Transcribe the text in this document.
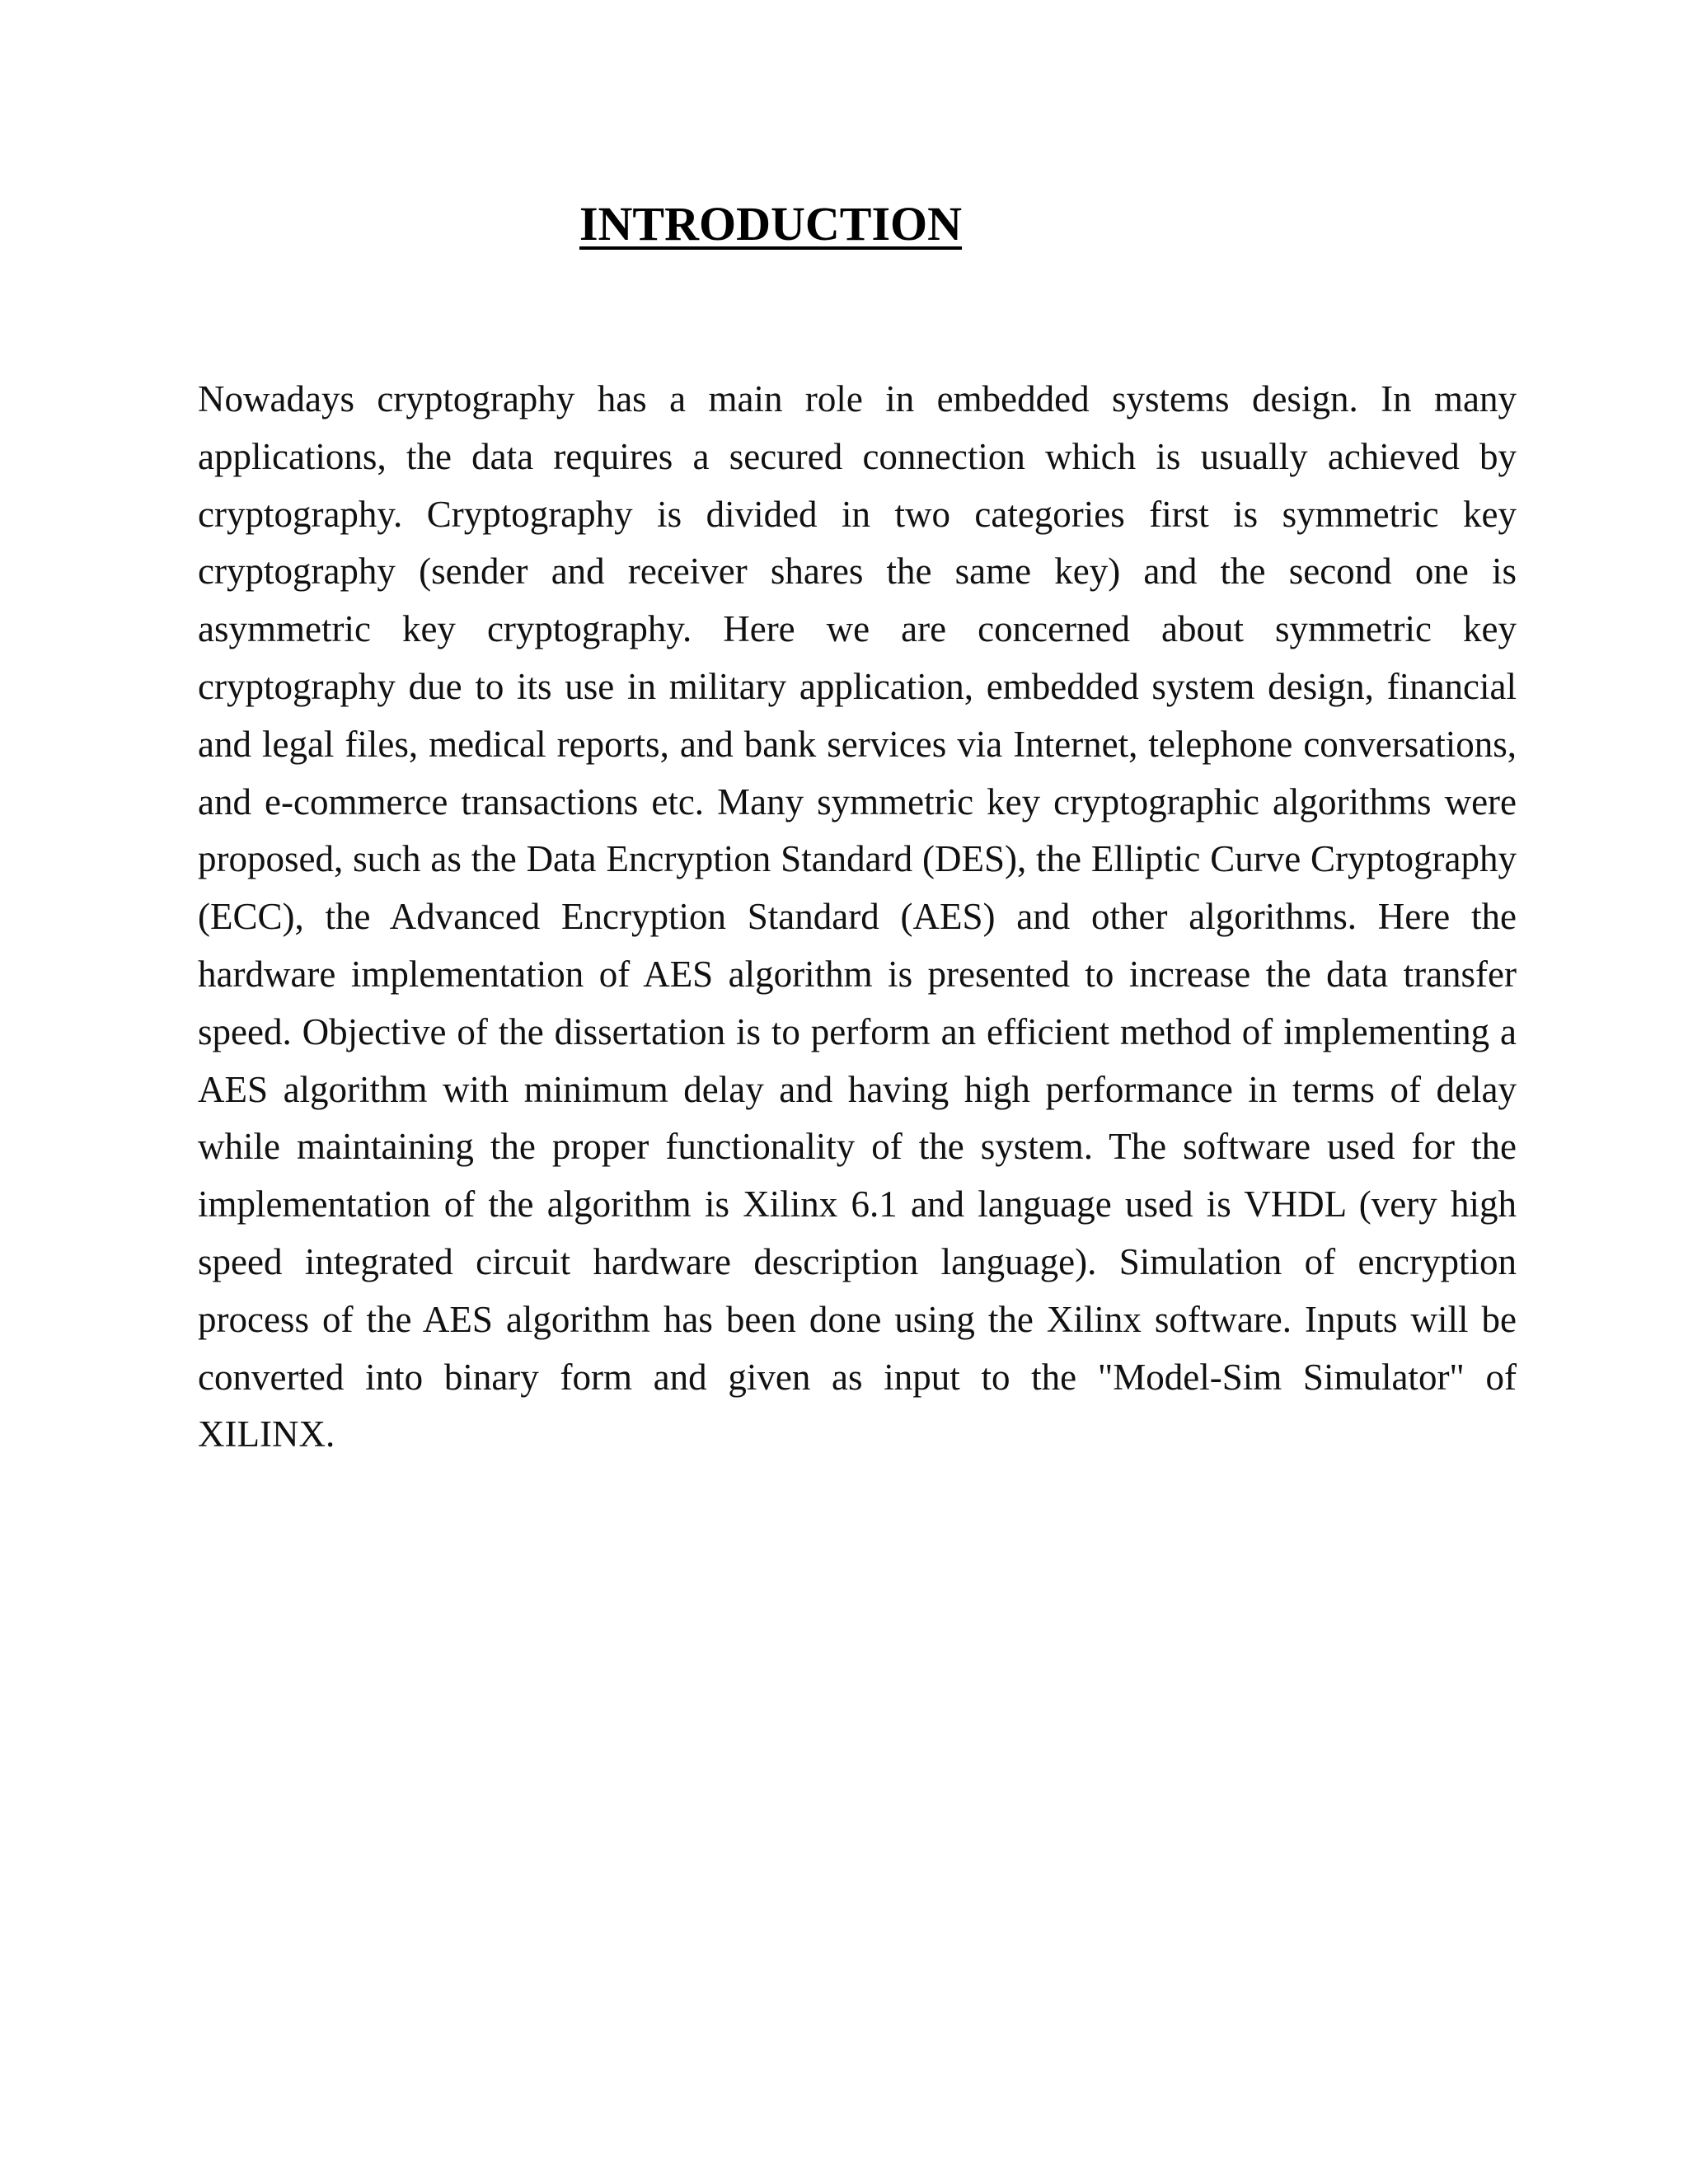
INTRODUCTION

Nowadays cryptography has a main role in embedded systems design. In many applications, the data requires a secured connection which is usually achieved by cryptography. Cryptography is divided in two categories first is symmetric key cryptography (sender and receiver shares the same key) and the second one is asymmetric key cryptography. Here we are concerned about symmetric key cryptography due to its use in military application, embedded system design, financial and legal files, medical reports, and bank services via Internet, telephone conversations, and e-commerce transactions etc. Many symmetric key cryptographic algorithms were proposed, such as the Data Encryption Standard (DES), the Elliptic Curve Cryptography (ECC), the Advanced Encryption Standard (AES) and other algorithms. Here the hardware implementation of AES algorithm is presented to increase the data transfer speed. Objective of the dissertation is to perform an efficient method of implementing a AES algorithm with minimum delay and having high performance in terms of delay while maintaining the proper functionality of the system. The software used for the implementation of the algorithm is Xilinx 6.1 and language used is VHDL (very high speed integrated circuit hardware description language). Simulation of encryption process of the AES algorithm has been done using the Xilinx software. Inputs will be converted into binary form and given as input to the "Model-Sim Simulator" of XILINX.
